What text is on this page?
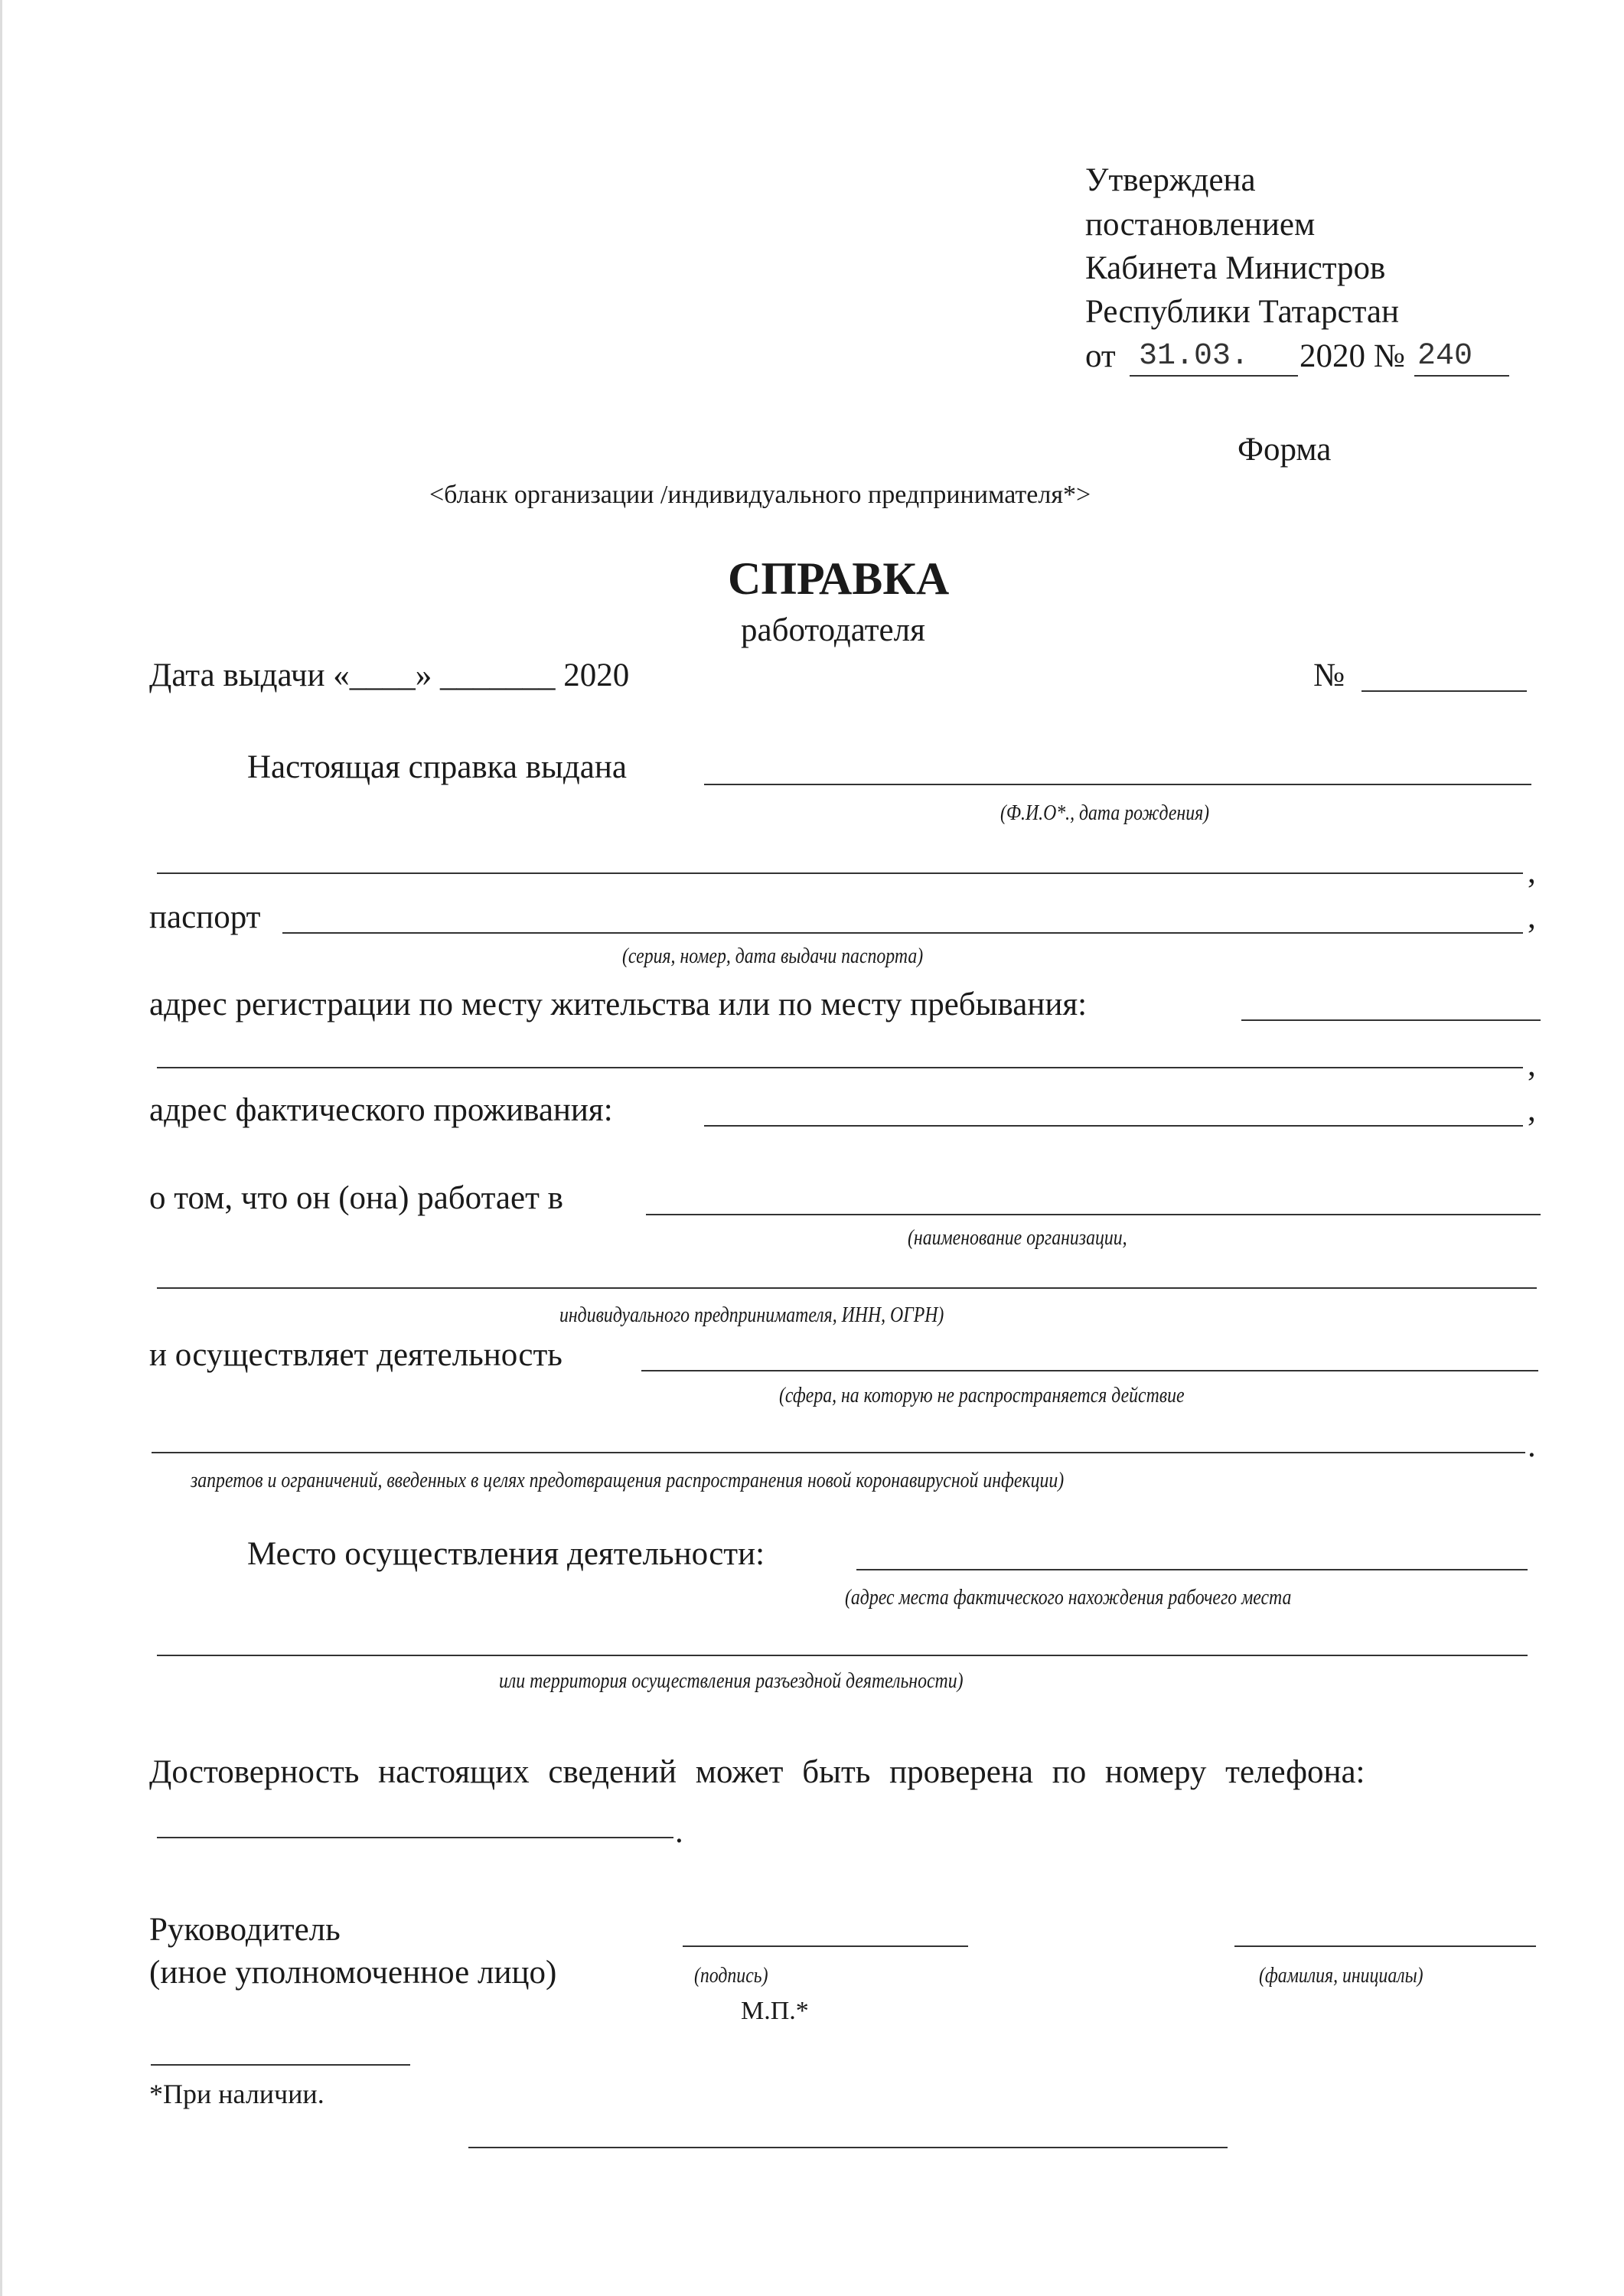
Утверждена
постановлением
Кабинета Министров
Республики Татарстан
от 31.03. 2020 № 240
Форма
<бланк организации /индивидуального предпринимателя*>
СПРАВКА
работодателя
Дата выдачи «____» _______ 2020	№
Настоящая справка выдана
(Ф.И.О*., дата рождения)
,
паспорт	,
(серия, номер, дата выдачи паспорта)
адрес регистрации по месту жительства или по месту пребывания:
,
адрес фактического проживания:	,
о том, что он (она) работает в
(наименование организации,
индивидуального предпринимателя, ИНН, ОГРН)
и осуществляет деятельность
(сфера, на которую не распространяется действие
.
запретов и ограничений, введенных в целях предотвращения распространения новой коронавирусной инфекции)
Место осуществления деятельности:
(адрес места фактического нахождения рабочего места
или территория осуществления разъездной деятельности)
Достоверность настоящих сведений может быть проверена по номеру телефона:
.
Руководитель
(иное уполномоченное лицо)	(подпись)	(фамилия, инициалы)
М.П.*
*При наличии.
